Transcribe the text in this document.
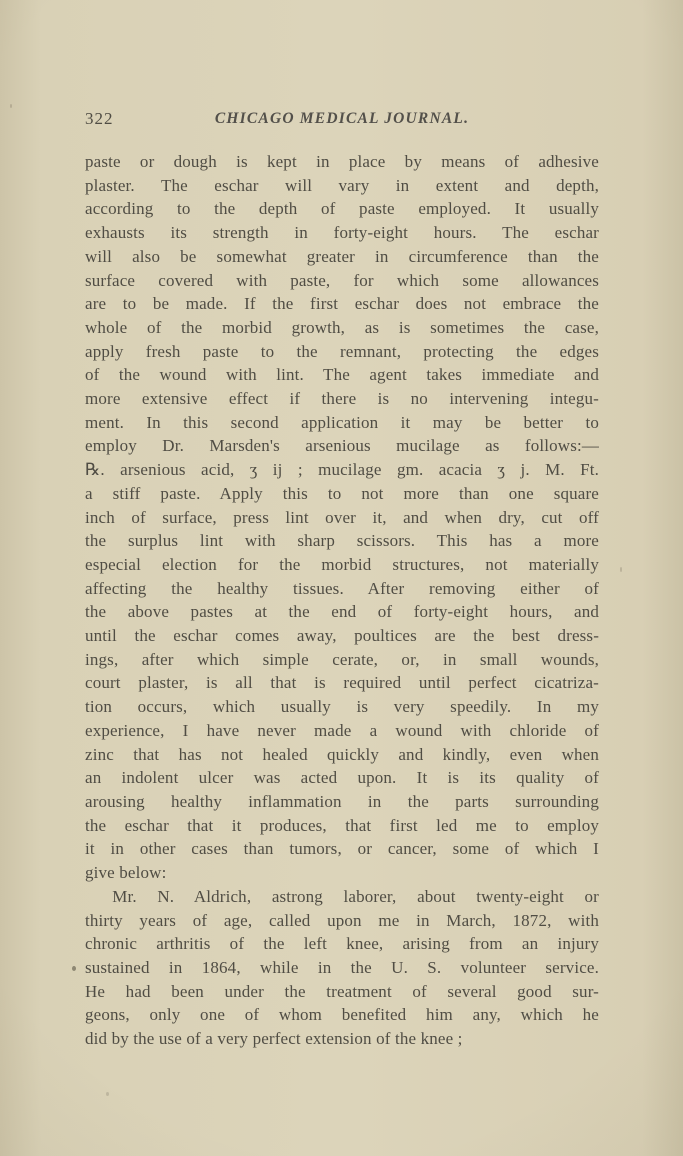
322	CHICAGO MEDICAL JOURNAL.
paste or dough is kept in place by means of adhesive
plaster. The eschar will vary in extent and depth,
according to the depth of paste employed. It usually
exhausts its strength in forty-eight hours. The eschar
will also be somewhat greater in circumference than the
surface covered with paste, for which some allowances
are to be made. If the first eschar does not embrace the
whole of the morbid growth, as is sometimes the case,
apply fresh paste to the remnant, protecting the edges
of the wound with lint. The agent takes immediate and
more extensive effect if there is no intervening integu-
ment. In this second application it may be better to
employ Dr. Marsden's arsenious mucilage as follows:—
℞. arsenious acid, ʒ ij ; mucilage gm. acacia ʒ j. M. Ft.
a stiff paste. Apply this to not more than one square
inch of surface, press lint over it, and when dry, cut off
the surplus lint with sharp scissors. This has a more
especial election for the morbid structures, not materially
affecting the healthy tissues. After removing either of
the above pastes at the end of forty-eight hours, and
until the eschar comes away, poultices are the best dress-
ings, after which simple cerate, or, in small wounds,
court plaster, is all that is required until perfect cicatriza-
tion occurs, which usually is very speedily. In my
experience, I have never made a wound with chloride of
zinc that has not healed quickly and kindly, even when
an indolent ulcer was acted upon. It is its quality of
arousing healthy inflammation in the parts surrounding
the eschar that it produces, that first led me to employ
it in other cases than tumors, or cancer, some of which I
give below:
Mr. N. Aldrich, astrong laborer, about twenty-eight or
thirty years of age, called upon me in March, 1872, with
chronic arthritis of the left knee, arising from an injury
sustained in 1864, while in the U. S. volunteer service.
He had been under the treatment of several good sur-
geons, only one of whom benefited him any, which he
did by the use of a very perfect extension of the knee ;
